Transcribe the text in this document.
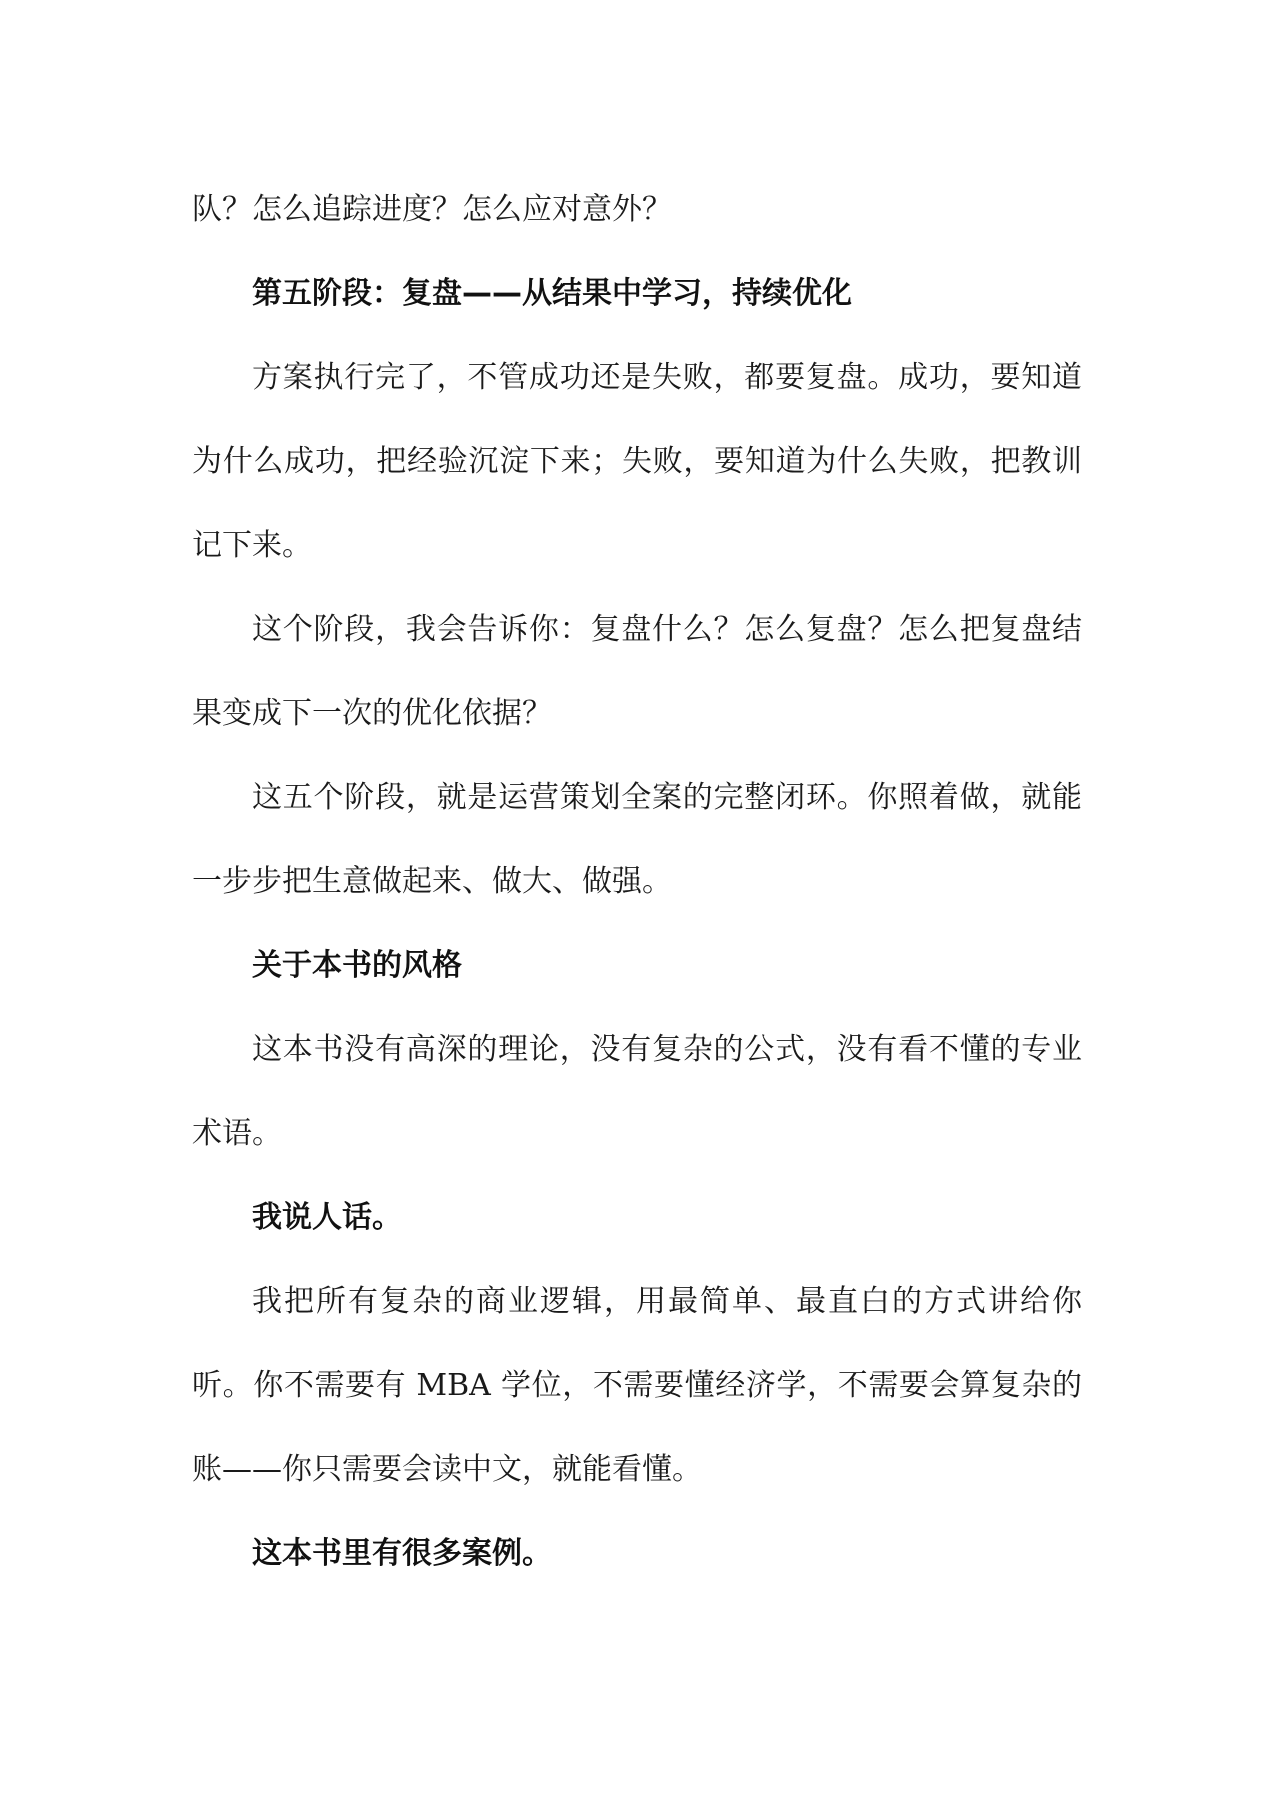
队？怎么追踪进度？怎么应对意外？

第五阶段：复盘——从结果中学习，持续优化

方案执行完了，不管成功还是失败，都要复盘。成功，要知道为什么成功，把经验沉淀下来；失败，要知道为什么失败，把教训记下来。

这个阶段，我会告诉你：复盘什么？怎么复盘？怎么把复盘结果变成下一次的优化依据？

这五个阶段，就是运营策划全案的完整闭环。你照着做，就能一步步把生意做起来、做大、做强。

关于本书的风格

这本书没有高深的理论，没有复杂的公式，没有看不懂的专业术语。

我说人话。

我把所有复杂的商业逻辑，用最简单、最直白的方式讲给你听。你不需要有 MBA 学位，不需要懂经济学，不需要会算复杂的账——你只需要会读中文，就能看懂。

这本书里有很多案例。
